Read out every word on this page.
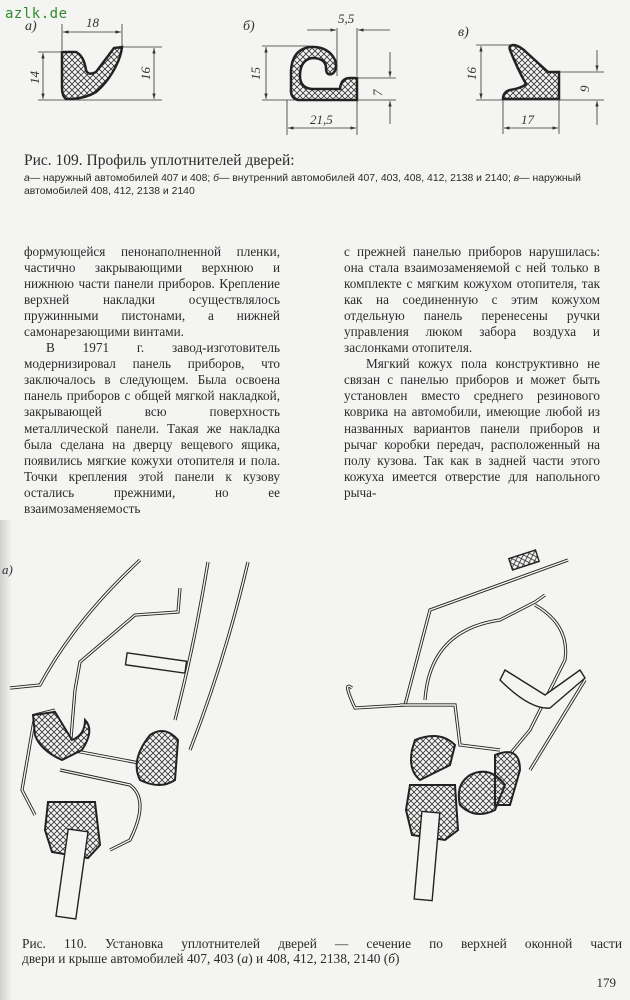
azlk.de
а)	18
14	16
б)
5,5
15
7
21,5
в)
16
9
17
Рис. 109. Профиль уплотнителей дверей:
а— наружный автомобилей 407 и 408; б— внутренний автомобилей 407, 403, 408, 412, 2138 и 2140; в— наружный автомобилей 408, 412, 2138 и 2140

формующейся пенонаполненной пленки, частично закрывающими верхнюю и нижнюю части панели приборов. Крепление верхней накладки осуществлялось пружинными пистонами, а нижней самонарезающими винтами.

В 1971 г. завод-изготовитель модернизировал панель приборов, что заключалось в следующем. Была освоена панель приборов с общей мягкой накладкой, закрывающей всю поверхность металлической панели. Такая же накладка была сделана на дверцу вещевого ящика, появились мягкие кожухи отопителя и пола. Точки крепления этой панели к кузову остались прежними, но ее взаимозаменяемость

с прежней панелью приборов нарушилась: она стала взаимозаменяемой с ней только в комплекте с мягким кожухом отопителя, так как на соединенную с этим кожухом отдельную панель перенесены ручки управления люком забора воздуха и заслонками отопителя.

Мягкий кожух пола конструктивно не связан с панелью приборов и может быть установлен вместо среднего резинового коврика на автомобили, имеющие любой из названных вариантов панели приборов и рычаг коробки передач, расположенный на полу кузова. Так как в задней части этого кожуха имеется отверстие для напольного рыча-

а)
Рис. 110. Установка уплотнителей дверей — сечение по верхней оконной части
двери и крыше автомобилей 407, 403 (а) и 408, 412, 2138, 2140 (б)
179
